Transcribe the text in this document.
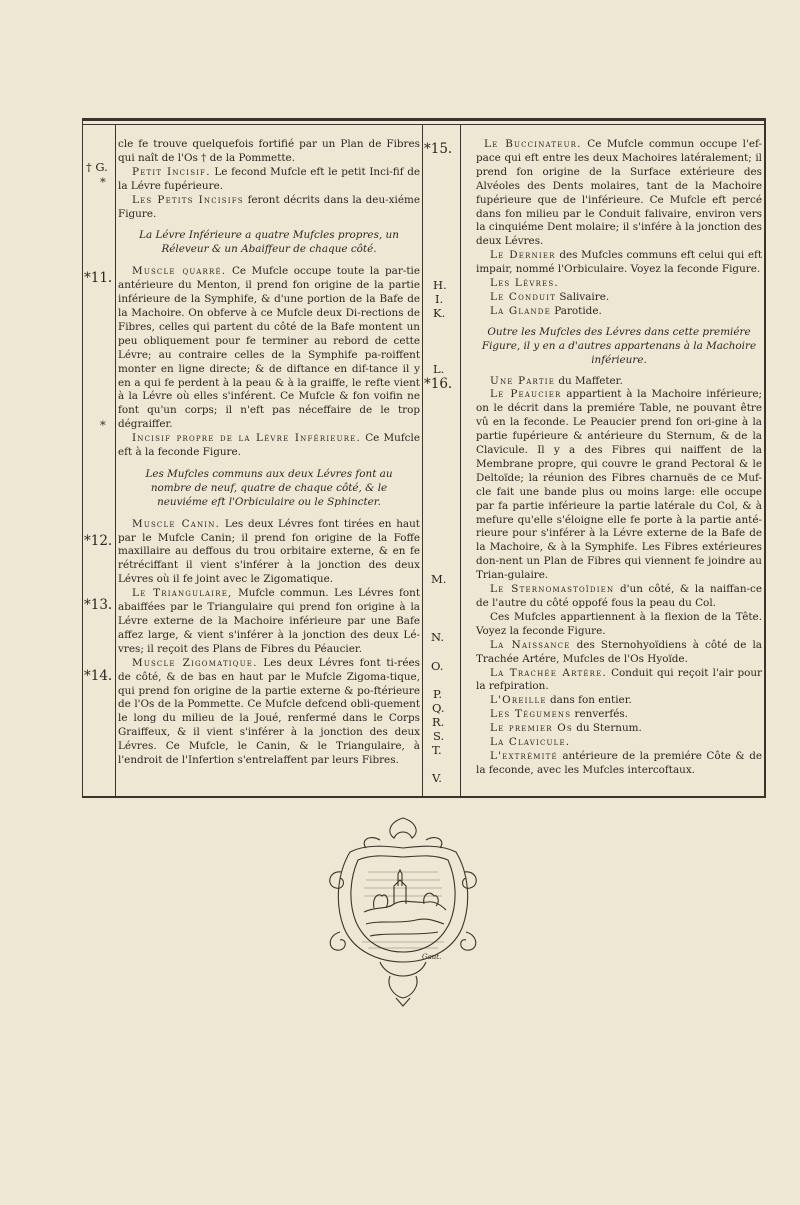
† G.
*
*11.
*
*12.
*13.
*14.
*15.
H.
I.
K.
L.
*16.
M.
N.
O.
P.
Q.
R.
S.
T.
V.

cle fe trouve quelquefois fortifié par un Plan de Fibres qui naît de l'Os † de la Pommette.

Petit Incisif. Le fecond Mufcle eft le petit Inci-fif de la Lévre fupérieure.

Les Petits Incisifs feront décrits dans la deu-xiéme Figure.

La Lévre Inférieure a quatre Mufcles propres, un Réleveur & un Abaiffeur de chaque côté.

Muscle quarré. Ce Mufcle occupe toute la par-tie antérieure du Menton, il prend fon origine de la partie inférieure de la Symphife, & d'une portion de la Bafe de la Machoire. On obferve à ce Mufcle deux Di-rections de Fibres, celles qui partent du côté de la Bafe montent un peu obliquement pour fe terminer au rebord de cette Lévre; au contraire celles de la Symphife pa-roiffent monter en ligne directe; & de diftance en dif-tance il y en a qui fe perdent à la peau & à la graiffe, le refte vient à la Lévre où elles s'inférent. Ce Mufcle & fon voifin ne font qu'un corps; il n'eft pas néceffaire de le trop dégraiffer.

Incisif propre de la Lévre Inférieure. Ce Mufcle eft à la feconde Figure.

Les Mufcles communs aux deux Lévres font au nombre de neuf, quatre de chaque côté, & le neuviéme eft l'Orbiculaire ou le Sphincter.

Muscle Canin. Les deux Lévres font tirées en haut par le Mufcle Canin; il prend fon origine de la Foffe maxillaire au deffous du trou orbitaire externe, & en fe rétréciffant il vient s'inférer à la jonction des deux Lévres où il fe joint avec le Zigomatique.

Le Triangulaire, Mufcle commun. Les Lévres font abaiffées par le Triangulaire qui prend fon origine à la Lévre externe de la Machoire inférieure par une Bafe affez large, & vient s'inférer à la jonction des deux Lé-vres; il reçoit des Plans de Fibres du Péaucier.

Muscle Zigomatique. Les deux Lévres font ti-rées de côté, & de bas en haut par le Mufcle Zigoma-tique, qui prend fon origine de la partie externe & po-ftérieure de l'Os de la Pommette. Ce Mufcle defcend obli-quement le long du milieu de la Joué, renfermé dans le Corps Graiffeux, & il vient s'inférer à la jonction des deux Lévres. Ce Mufcle, le Canin, & le Triangulaire, à l'endroit de l'Infertion s'entrelaffent par leurs Fibres.

Le Buccinateur. Ce Mufcle commun occupe l'ef-pace qui eft entre les deux Machoires latéralement; il prend fon origine de la Surface extérieure des Alvéoles des Dents molaires, tant de la Machoire fupérieure que de l'inférieure. Ce Mufcle eft percé dans fon milieu par le Conduit falivaire, environ vers la cinquiéme Dent molaire; il s'infére à la jonction des deux Lévres.

Le Dernier des Mufcles communs eft celui qui eft impair, nommé l'Orbiculaire. Voyez la feconde Figure.

Les Lévres.

Le Conduit Salivaire.

La Glande Parotide.

Outre les Mufcles des Lévres dans cette premiére Figure, il y en a d'autres appartenans à la Machoire inférieure.

Une Partie du Maffeter.

Le Peaucier appartient à la Machoire inférieure; on le décrit dans la premiére Table, ne pouvant être vû en la feconde. Le Peaucier prend fon ori-gine à la partie fupérieure & antérieure du Sternum, & de la Clavicule. Il y a des Fibres qui naiffent de la Membrane propre, qui couvre le grand Pectoral & le Deltoïde; la réunion des Fibres charnuës de ce Muf-cle fait une bande plus ou moins large: elle occupe par fa partie inférieure la partie latérale du Col, & à mefure qu'elle s'éloigne elle fe porte à la partie anté-rieure pour s'inférer à la Lévre externe de la Bafe de la Machoire, & à la Symphife. Les Fibres extérieures don-nent un Plan de Fibres qui viennent fe joindre au Trian-gulaire.

Le Sternomastoïdien d'un côté, & la naiffan-ce de l'autre du côté oppofé fous la peau du Col.

Ces Mufcles appartiennent à la flexion de la Tête. Voyez la feconde Figure.

La Naissance des Sternohyoïdiens à côté de la Trachée Artére, Mufcles de l'Os Hyoïde.

La Trachée Artére. Conduit qui reçoit l'air pour la refpiration.

L'Oreille dans fon entier.

Les Tégumens renverfés.

Le premier Os du Sternum.

La Clavicule.

L'extrémité antérieure de la premiére Côte & de la feconde, avec les Mufcles intercoftaux.

Gaut.
